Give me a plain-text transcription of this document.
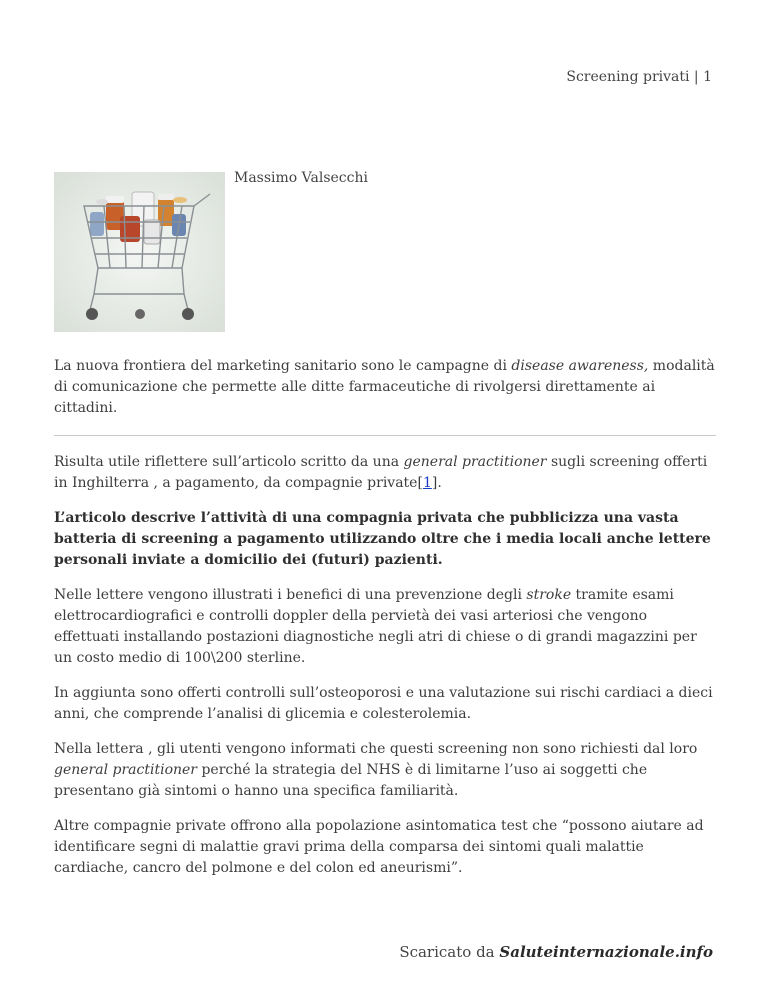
Screening privati | 1
Massimo Valsecchi

La nuova frontiera del marketing sanitario sono le campagne di disease awareness, modalità di comunicazione che permette alle ditte farmaceutiche di rivolgersi direttamente ai cittadini.

Risulta utile riflettere sull’articolo scritto da una general practitioner sugli screening offerti in Inghilterra , a pagamento, da compagnie private[1].

L’articolo descrive l’attività di una compagnia privata che pubblicizza una vasta batteria di screening a pagamento utilizzando oltre che i media locali anche lettere personali inviate a domicilio dei (futuri) pazienti.

Nelle lettere vengono illustrati i benefici di una prevenzione degli stroke tramite esami elettrocardiografici e controlli doppler della pervietà dei vasi arteriosi che vengono effettuati installando postazioni diagnostiche negli atri di chiese o di grandi magazzini per un costo medio di 100\200 sterline.

In aggiunta sono offerti controlli sull’osteoporosi e una valutazione sui rischi cardiaci a dieci anni, che comprende l’analisi di glicemia e colesterolemia.

Nella lettera , gli utenti vengono informati che questi screening non sono richiesti dal loro general practitioner perché la strategia del NHS è di limitarne l’uso ai soggetti che presentano già sintomi o hanno una specifica familiarità.

Altre compagnie private offrono alla popolazione asintomatica test che “possono aiutare ad identificare segni di malattie gravi prima della comparsa dei sintomi quali malattie cardiache, cancro del polmone e del colon ed aneurismi”.

Scaricato da Saluteinternazionale.info
